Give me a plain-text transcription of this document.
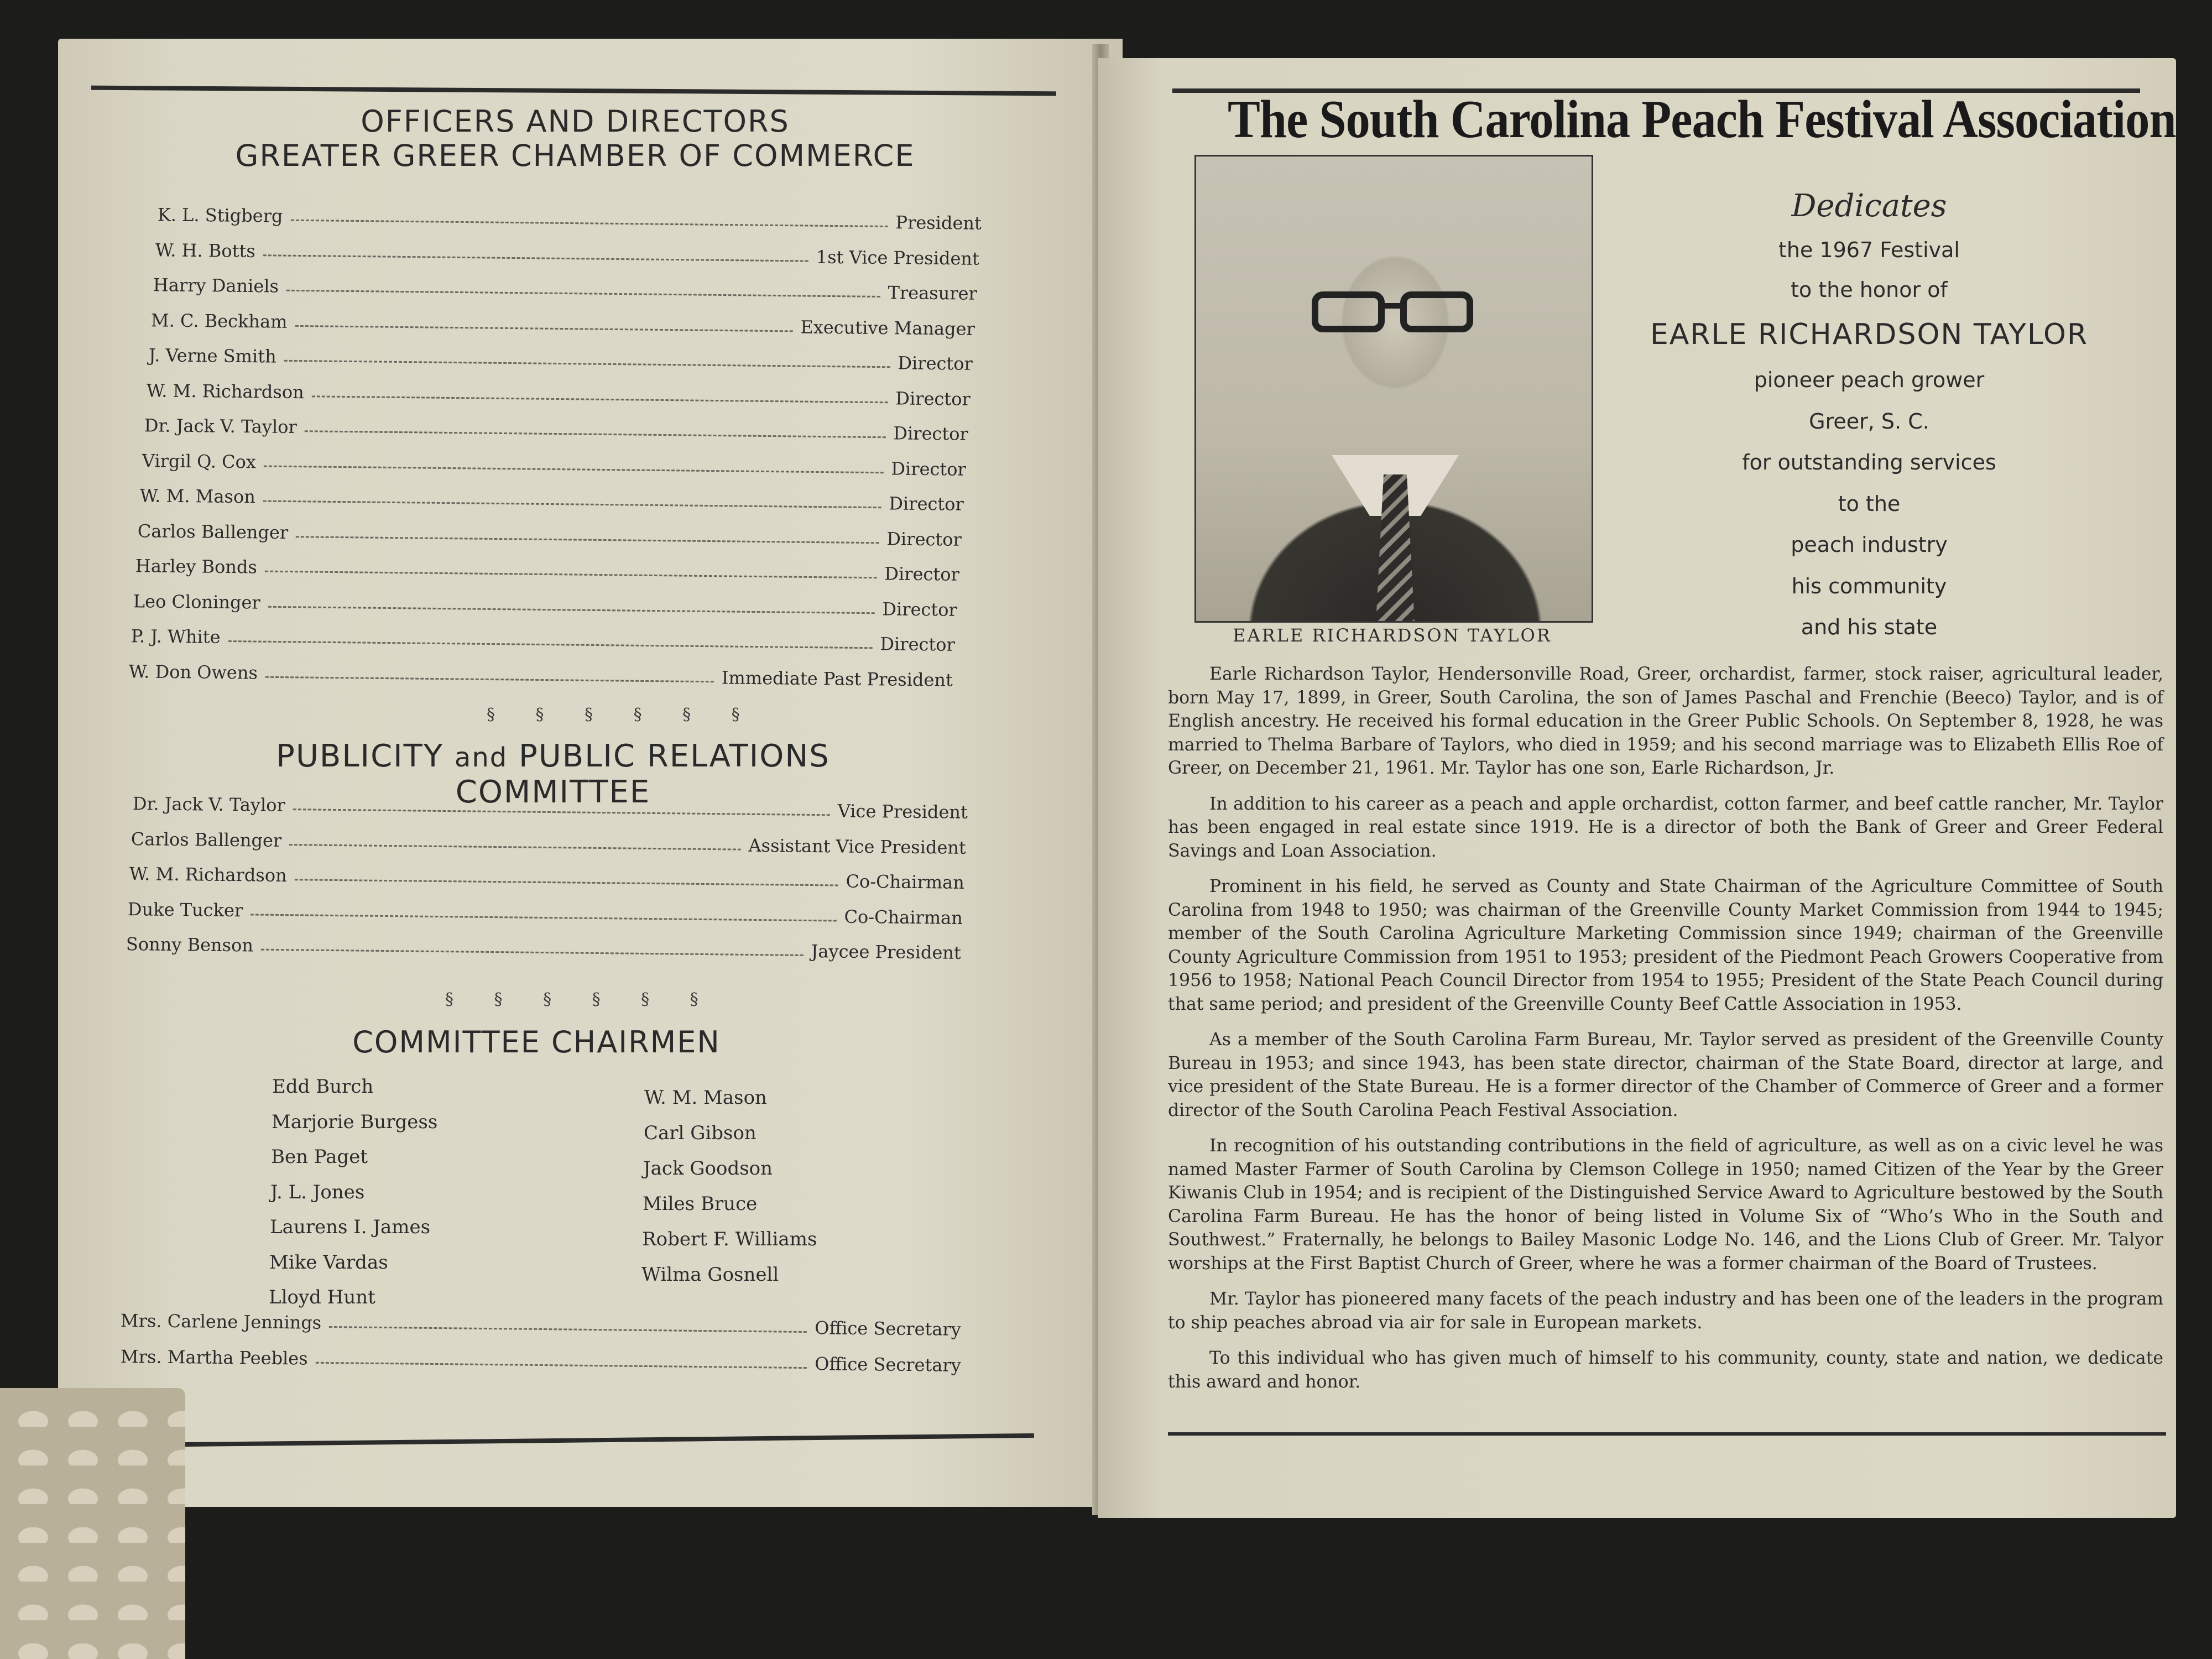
OFFICERS AND DIRECTORS
GREATER GREER CHAMBER OF COMMERCE
K. L. Stigberg	President
W. H. Botts	1st Vice President
Harry Daniels	Treasurer
M. C. Beckham	Executive Manager
J. Verne Smith	Director
W. M. Richardson	Director
Dr. Jack V. Taylor	Director
Virgil Q. Cox	Director
W. M. Mason	Director
Carlos Ballenger	Director
Harley Bonds	Director
Leo Cloninger	Director
P. J. White	Director
W. Don Owens	Immediate Past President
§ § § § § §
PUBLICITY and PUBLIC RELATIONS COMMITTEE
Dr. Jack V. Taylor	Vice President
Carlos Ballenger	Assistant Vice President
W. M. Richardson	Co-Chairman
Duke Tucker	Co-Chairman
Sonny Benson	Jaycee President
§ § § § § §
COMMITTEE CHAIRMEN
Edd Burch
Marjorie Burgess
Ben Paget
J. L. Jones
Laurens I. James
Mike Vardas
Lloyd Hunt
W. M. Mason
Carl Gibson
Jack Goodson
Miles Bruce
Robert F. Williams
Wilma Gosnell
Mrs. Carlene Jennings	Office Secretary
Mrs. Martha Peebles	Office Secretary
The South Carolina Peach Festival Association
EARLE RICHARDSON TAYLOR
Dedicates
the 1967 Festival
to the honor of
EARLE RICHARDSON TAYLOR
pioneer peach grower
Greer, S. C.
for outstanding services
to the
peach industry
his community
and his state

Earle Richardson Taylor, Hendersonville Road, Greer, orchardist, farmer, stock raiser, agricultural leader, born May 17, 1899, in Greer, South Carolina, the son of James Paschal and Frenchie (Beeco) Taylor, and is of English ancestry. He received his formal education in the Greer Public Schools. On September 8, 1928, he was married to Thelma Barbare of Taylors, who died in 1959; and his second marriage was to Elizabeth Ellis Roe of Greer, on December 21, 1961. Mr. Taylor has one son, Earle Richardson, Jr.

In addition to his career as a peach and apple orchardist, cotton farmer, and beef cattle rancher, Mr. Taylor has been engaged in real estate since 1919. He is a director of both the Bank of Greer and Greer Federal Savings and Loan Association.

Prominent in his field, he served as County and State Chairman of the Agriculture Committee of South Carolina from 1948 to 1950; was chairman of the Greenville County Market Commission from 1944 to 1945; member of the South Carolina Agriculture Marketing Commission since 1949; chairman of the Greenville County Agriculture Commission from 1951 to 1953; president of the Piedmont Peach Growers Cooperative from 1956 to 1958; National Peach Council Director from 1954 to 1955; President of the State Peach Council during that same period; and president of the Greenville County Beef Cattle Association in 1953.

As a member of the South Carolina Farm Bureau, Mr. Taylor served as president of the Greenville County Bureau in 1953; and since 1943, has been state director, chairman of the State Board, director at large, and vice president of the State Bureau. He is a former director of the Chamber of Commerce of Greer and a former director of the South Carolina Peach Festival Association.

In recognition of his outstanding contributions in the field of agriculture, as well as on a civic level he was named Master Farmer of South Carolina by Clemson College in 1950; named Citizen of the Year by the Greer Kiwanis Club in 1954; and is recipient of the Distinguished Service Award to Agriculture bestowed by the South Carolina Farm Bureau. He has the honor of being listed in Volume Six of “Who’s Who in the South and Southwest.” Fraternally, he belongs to Bailey Masonic Lodge No. 146, and the Lions Club of Greer. Mr. Talyor worships at the First Baptist Church of Greer, where he was a former chairman of the Board of Trustees.

Mr. Taylor has pioneered many facets of the peach industry and has been one of the leaders in the program to ship peaches abroad via air for sale in European markets.

To this individual who has given much of himself to his community, county, state and nation, we dedicate this award and honor.
